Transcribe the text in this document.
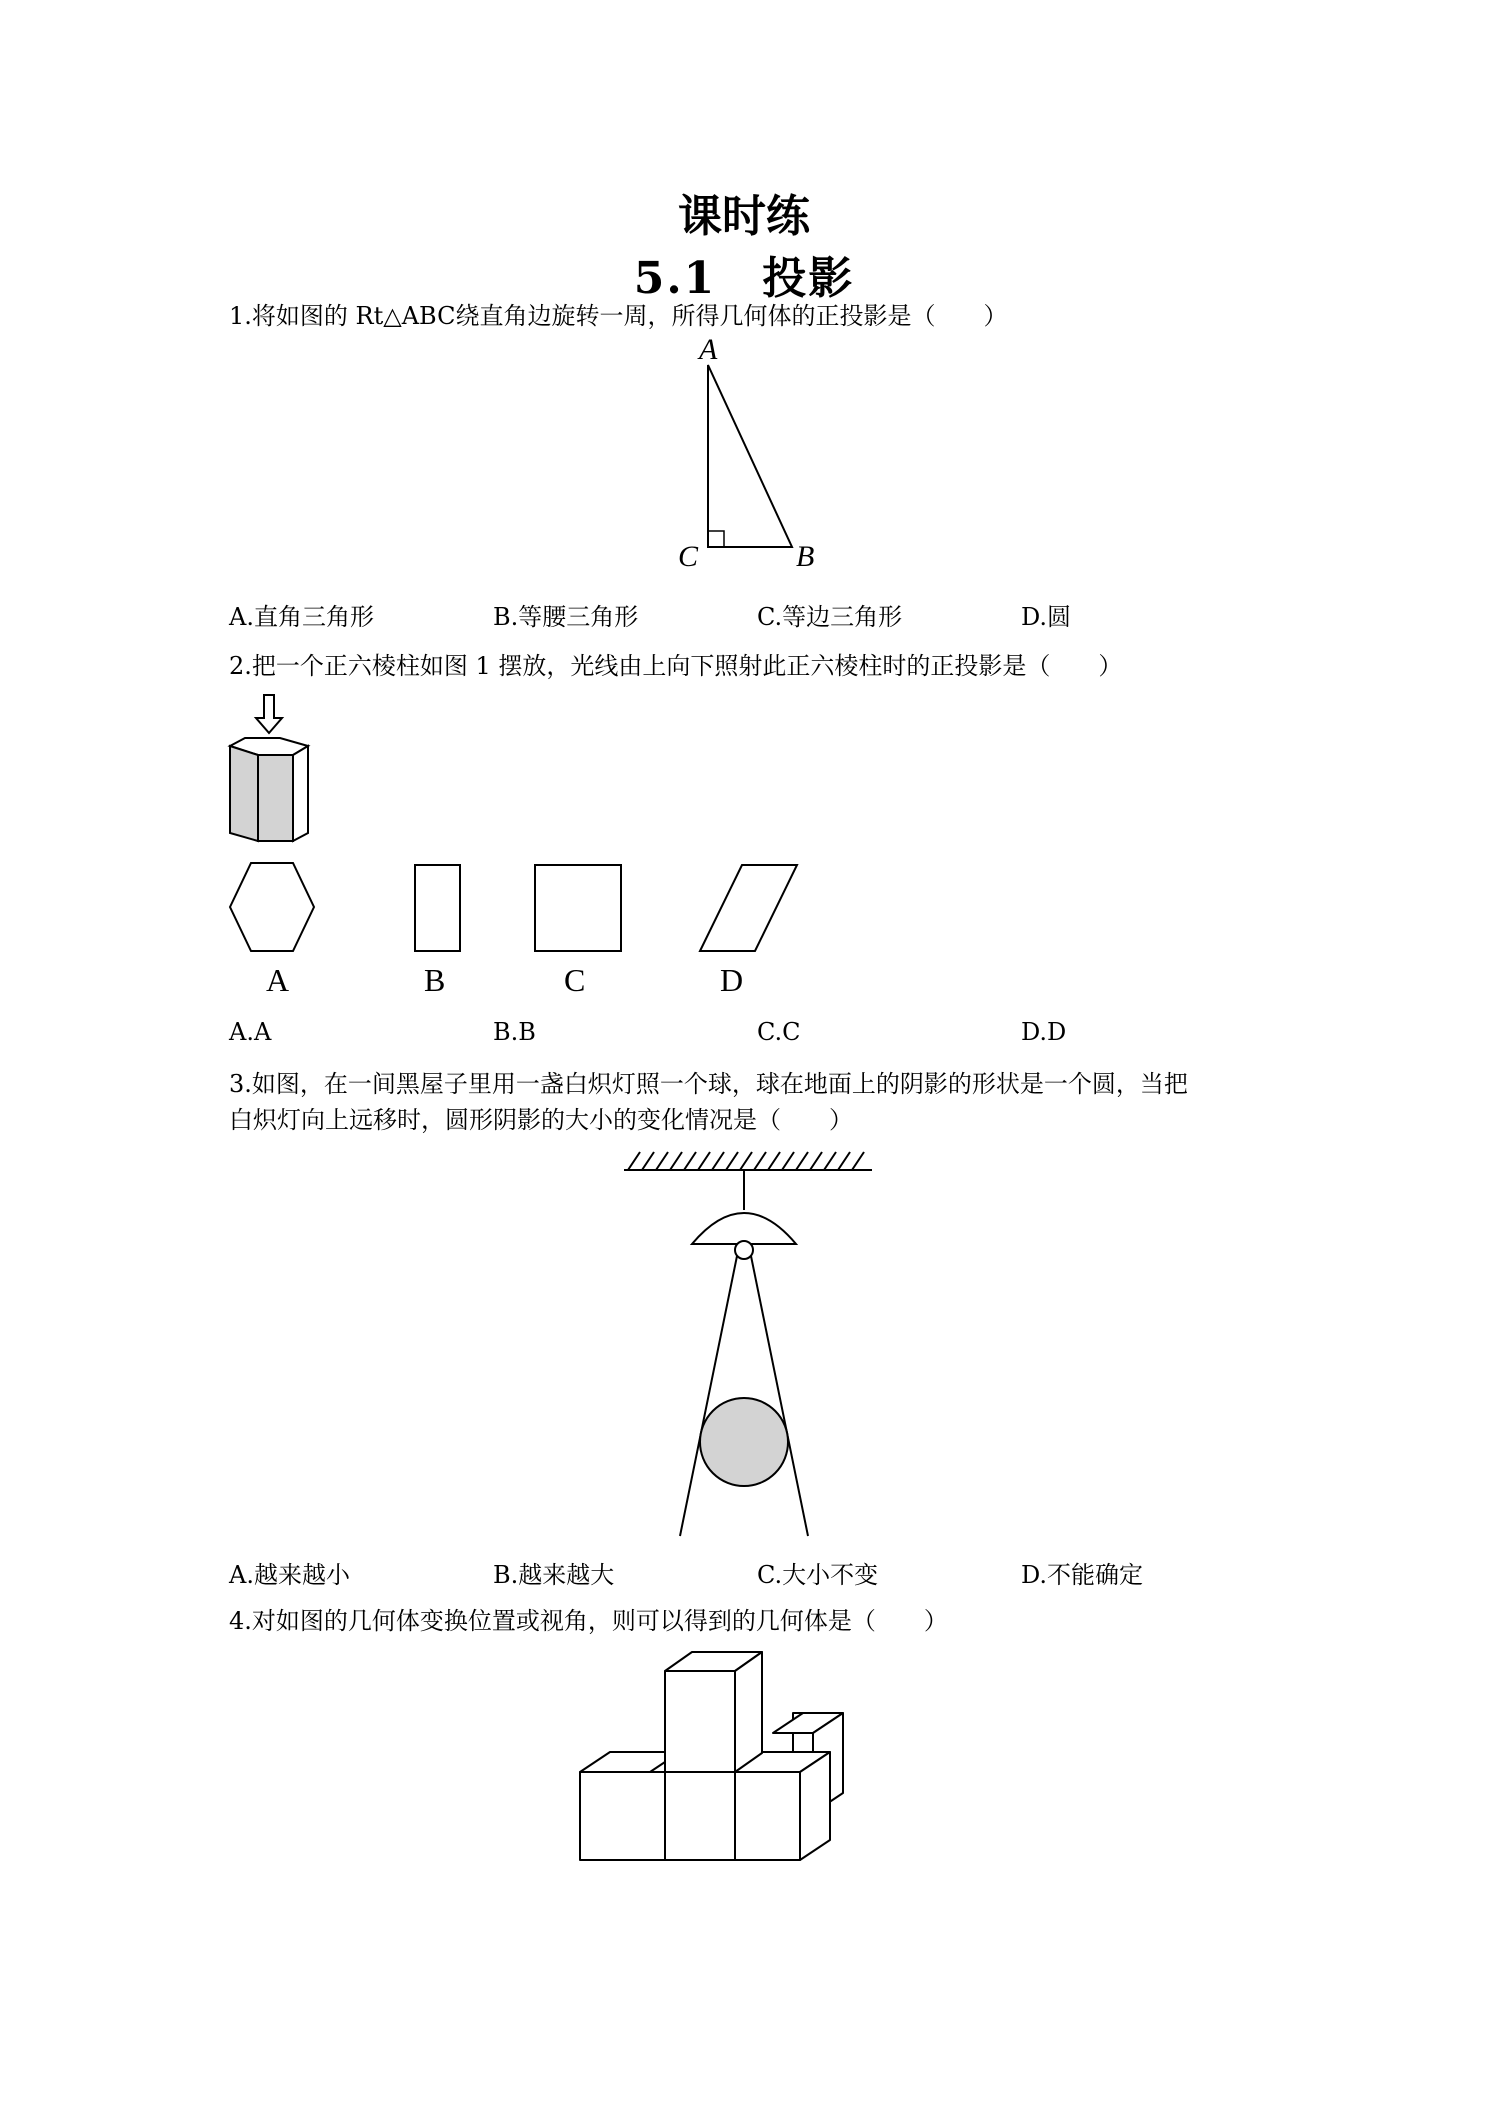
课时练
5.1　投影
1.将如图的 Rt△ABC绕直角边旋转一周，所得几何体的正投影是（　　）
A
C	B
A.直角三角形	B.等腰三角形	C.等边三角形	D.圆
2.把一个正六棱柱如图 1 摆放，光线由上向下照射此正六棱柱时的正投影是（　　）
A	B	C	D
A.A	B.B	C.C	D.D
3.如图，在一间黑屋子里用一盏白炽灯照一个球，球在地面上的阴影的形状是一个圆，当把
白炽灯向上远移时，圆形阴影的大小的变化情况是（　　）
A.越来越小	B.越来越大	C.大小不变	D.不能确定
4.对如图的几何体变换位置或视角，则可以得到的几何体是（　　）
